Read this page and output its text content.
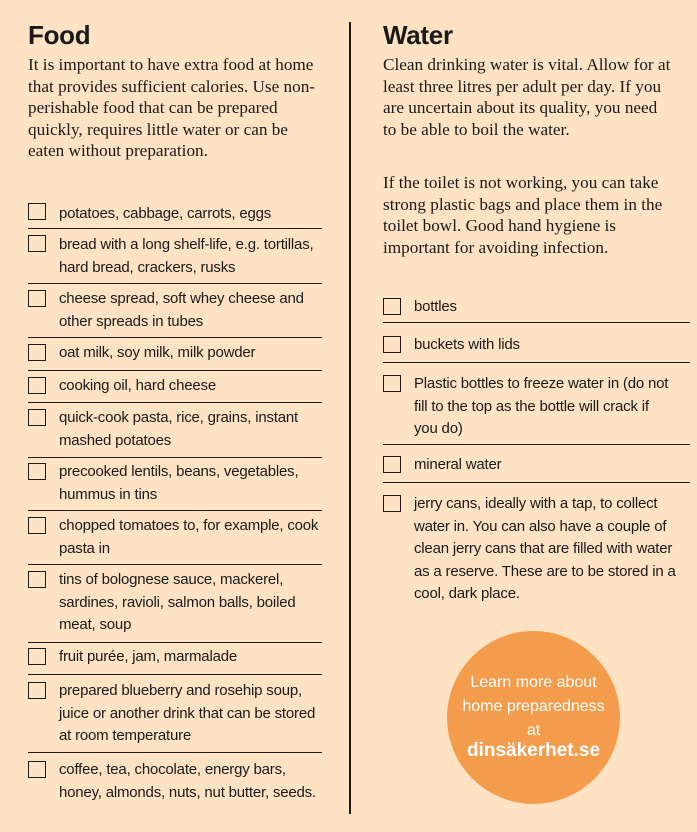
Food

It is important to have extra food at home that provides sufficient calories. Use non-perishable food that can be prepared quickly, requires little water or can be eaten without preparation.

potatoes, cabbage, carrots, eggs
bread with a long shelf-life, e.g. tortillas, hard bread, crackers, rusks
cheese spread, soft whey cheese and other spreads in tubes
oat milk, soy milk, milk powder
cooking oil, hard cheese
quick-cook pasta, rice, grains, instant mashed potatoes
precooked lentils, beans, vegetables, hummus in tins
chopped tomatoes to, for example, cook pasta in
tins of bolognese sauce, mackerel, sardines, ravioli, salmon balls, boiled meat, soup
fruit purée, jam, marmalade
prepared blueberry and rosehip soup, juice or another drink that can be stored at room temperature
coffee, tea, chocolate, energy bars, honey, almonds, nuts, nut butter, seeds.
Water

Clean drinking water is vital. Allow for at least three litres per adult per day. If you are uncertain about its quality, you need to be able to boil the water.

If the toilet is not working, you can take strong plastic bags and place them in the toilet bowl. Good hand hygiene is important for avoiding infection.

bottles
buckets with lids
Plastic bottles to freeze water in (do not fill to the top as the bottle will crack if you do)
mineral water
jerry cans, ideally with a tap, to collect water in. You can also have a couple of clean jerry cans that are filled with water as a reserve. These are to be stored in a cool, dark place.
Learn more about
home preparedness
at
dinsäkerhet.se
